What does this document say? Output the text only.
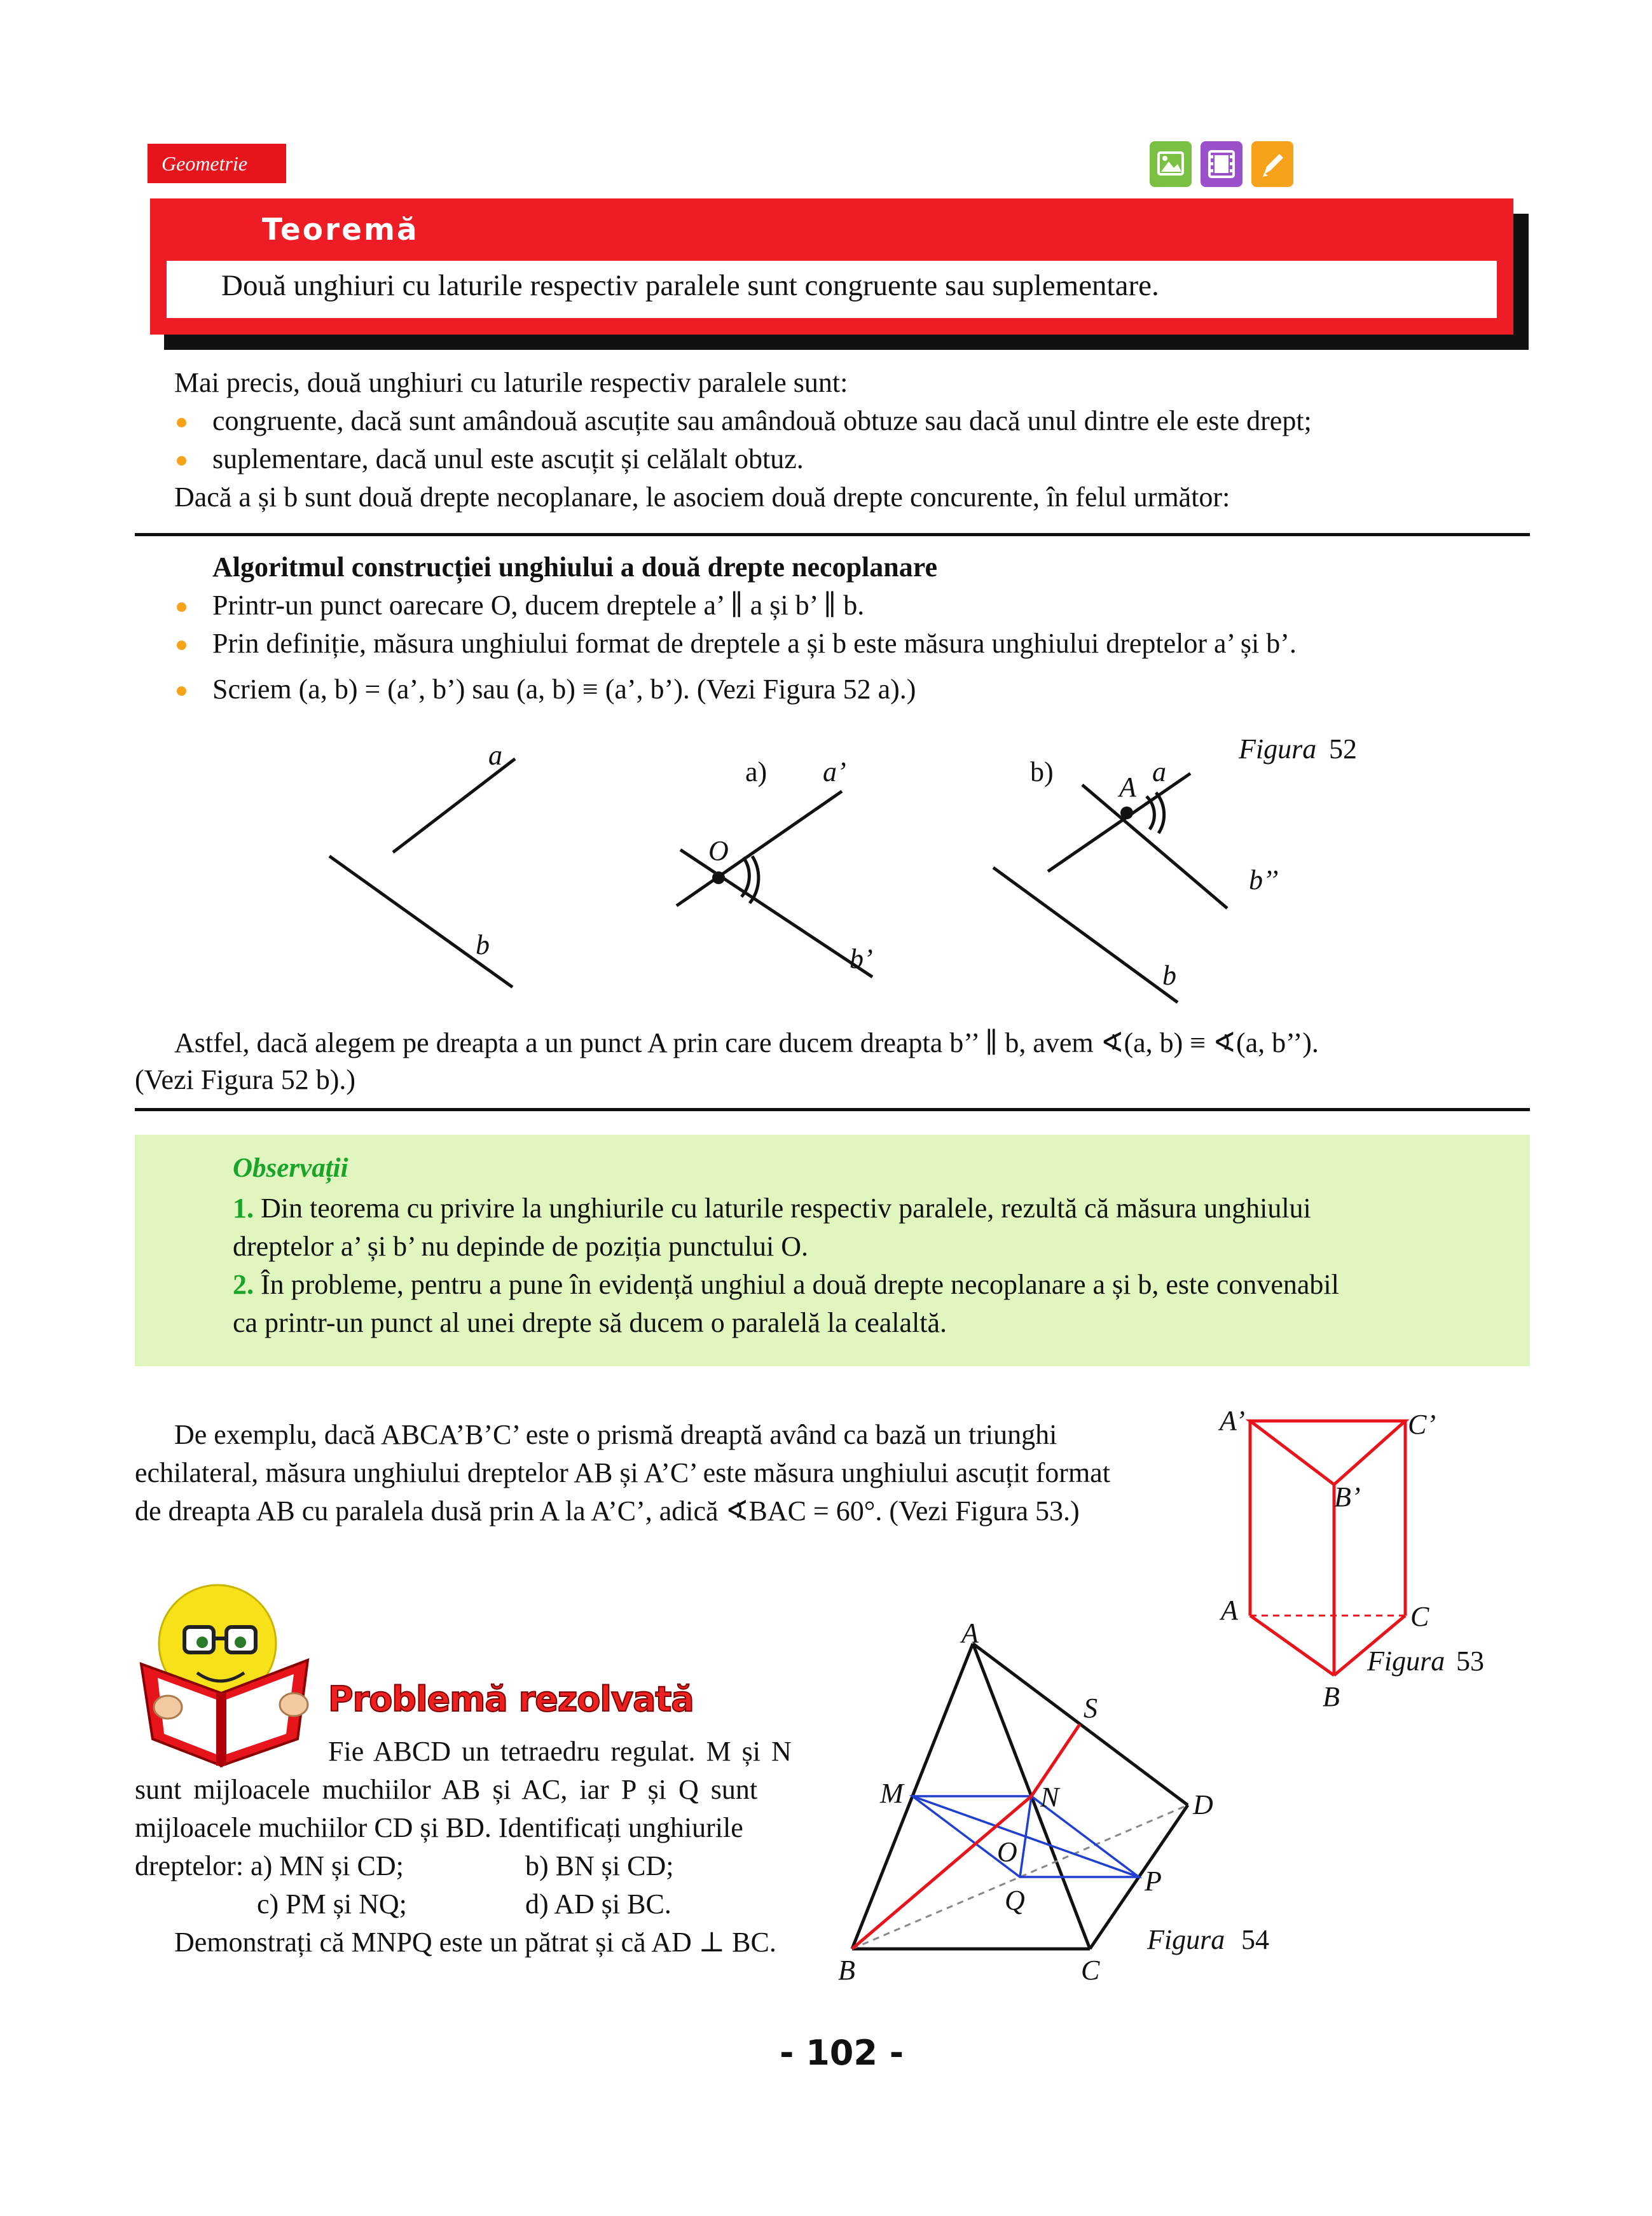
Geometrie
Teoremă
Două unghiuri cu laturile respectiv paralele sunt congruente sau suplementare.
Mai precis, două unghiuri cu laturile respectiv paralele sunt:
congruente, dacă sunt amândouă ascuțite sau amândouă obtuze sau dacă unul dintre ele este drept;
suplementare, dacă unul este ascuțit și celălalt obtuz.
Dacă a și b sunt două drepte necoplanare, le asociem două drepte concurente, în felul următor:
Algoritmul construcției unghiului a două drepte necoplanare
Printr-un punct oarecare O, ducem dreptele a’ ∥ a și b’ ∥ b.
Prin definiție, măsura unghiului format de dreptele a și b este măsura unghiului dreptelor a’ și b’.
Scriem (a, b) = (a’, b’) sau (a, b) ≡ (a’, b’). (Vezi Figura 52 a).)
a
b
a) a’
O
b’
b) A a
b’’
b
Figura 52
Astfel, dacă alegem pe dreapta a un punct A prin care ducem dreapta b’’ ∥ b, avem ∢(a, b) ≡ ∢(a, b’’).
(Vezi Figura 52 b).)
Observații
1. Din teorema cu privire la unghiurile cu laturile respectiv paralele, rezultă că măsura unghiului
dreptelor a’ și b’ nu depinde de poziția punctului O.
2. În probleme, pentru a pune în evidență unghiul a două drepte necoplanare a și b, este convenabil
ca printr-un punct al unei drepte să ducem o paralelă la cealaltă.
De exemplu, dacă ABCA’B’C’ este o prismă dreaptă având ca bază un triunghi
echilateral, măsura unghiului dreptelor AB și A’C’ este măsura unghiului ascuțit format
de dreapta AB cu paralela dusă prin A la A’C’, adică ∢BAC = 60°. (Vezi Figura 53.)
A’	C’
B’
A	C
B
Figura 53
Problemă rezolvată
Fie ABCD un tetraedru regulat. M și N
sunt mijloacele muchiilor AB și AC, iar P și Q sunt
mijloacele muchiilor CD și BD. Identificați unghiurile
dreptelor: a) MN și CD;	b) BN și CD;
c) PM și NQ;	d) AD și BC.
Demonstrați că MNPQ este un pătrat și că AD ⊥ BC.
A
B	C
D
M	N
P
Q
O
S
Figura 54
- 102 -
